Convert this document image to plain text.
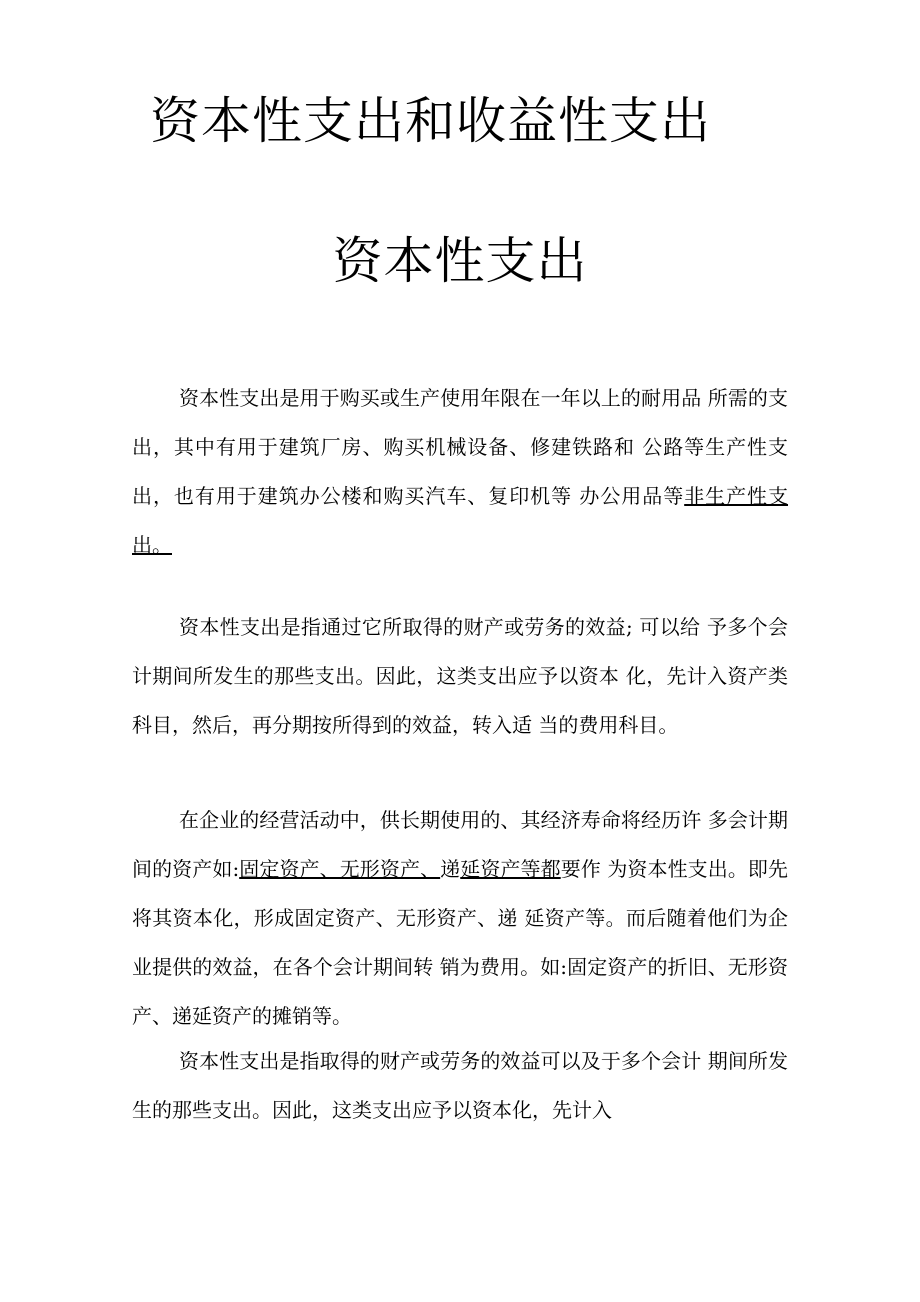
资本性支出和收益性支出
资本性支出

资本性支出是用于购买或生产使用年限在一年以上的耐用品 所需的支出，其中有用于建筑厂房、购买机械设备、修建铁路和 公路等生产性支出，也有用于建筑办公楼和购买汽车、复印机等 办公用品等非生产性支出。

资本性支出是指通过它所取得的财产或劳务的效益; 可以给 予多个会计期间所发生的那些支出。因此，这类支出应予以资本 化，先计入资产类科目，然后，再分期按所得到的效益，转入适 当的费用科目。

在企业的经营活动中，供长期使用的、其经济寿命将经历许 多会计期间的资产如:固定资产、无形资产、递延资产等都要作 为资本性支出。即先将其资本化，形成固定资产、无形资产、递 延资产等。而后随着他们为企业提供的效益，在各个会计期间转 销为费用。如:固定资产的折旧、无形资产、递延资产的摊销等。

资本性支出是指取得的财产或劳务的效益可以及于多个会计 期间所发生的那些支出。因此，这类支出应予以资本化，先计入
